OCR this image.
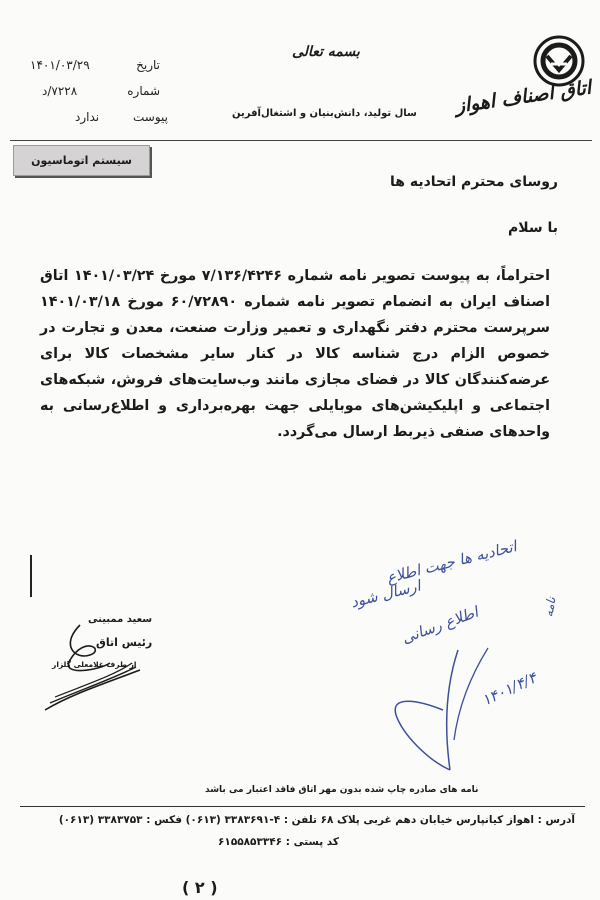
تاریخ
۱۴۰۱/۰۳/۲۹
شماره
۷۲۲۸/د
پیوست
ندارد
بسمه تعالی
سال تولید، دانش‌بنیان و اشتغال‌آفرین اتاق اصناف اهواز
سیستم اتوماسیون
روسای محترم اتحادیه ها
با سلام
احتراماً، به پیوست تصویر نامه شماره ۷/۱۳۶/۴۲۴۶ مورخ ۱۴۰۱/۰۳/۲۴ اتاق اصناف ایران به انضمام تصویر نامه شماره ۶۰/۷۲۸۹۰ مورخ ۱۴۰۱/۰۳/۱۸ سرپرست محترم دفتر نگهداری و تعمیر وزارت صنعت، معدن و تجارت در خصوص الزام درج شناسه کالا در کنار سایر مشخصات کالا برای عرضه‌کنندگان کالا در فضای مجازی مانند وب‌سایت‌های فروش، شبکه‌های اجتماعی و اپلیکیشن‌های موبایلی جهت بهره‌برداری و اطلاع‌رسانی به واحدهای صنفی ذیربط ارسال می‌گردد.
سعید ممبینی
رئیس اتاق
از طرف غلامعلی گلزار
اتحادیه ها جهت اطلاع
ارسال شود	نامه
اطلاع رسانی
۱۴۰۱/۴/۴
نامه های صادره چاپ شده بدون مهر اتاق فاقد اعتبار می باشد
آدرس : اهواز کیانپارس خیابان دهم غربی پلاک ۶۸ تلفن : ۴-۳۳۸۳۶۹۱ (۰۶۱۳) فکس : ۳۳۸۳۷۵۳ (۰۶۱۳)
کد پستی : ۶۱۵۵۸۵۳۳۴۶
( ۲ )
